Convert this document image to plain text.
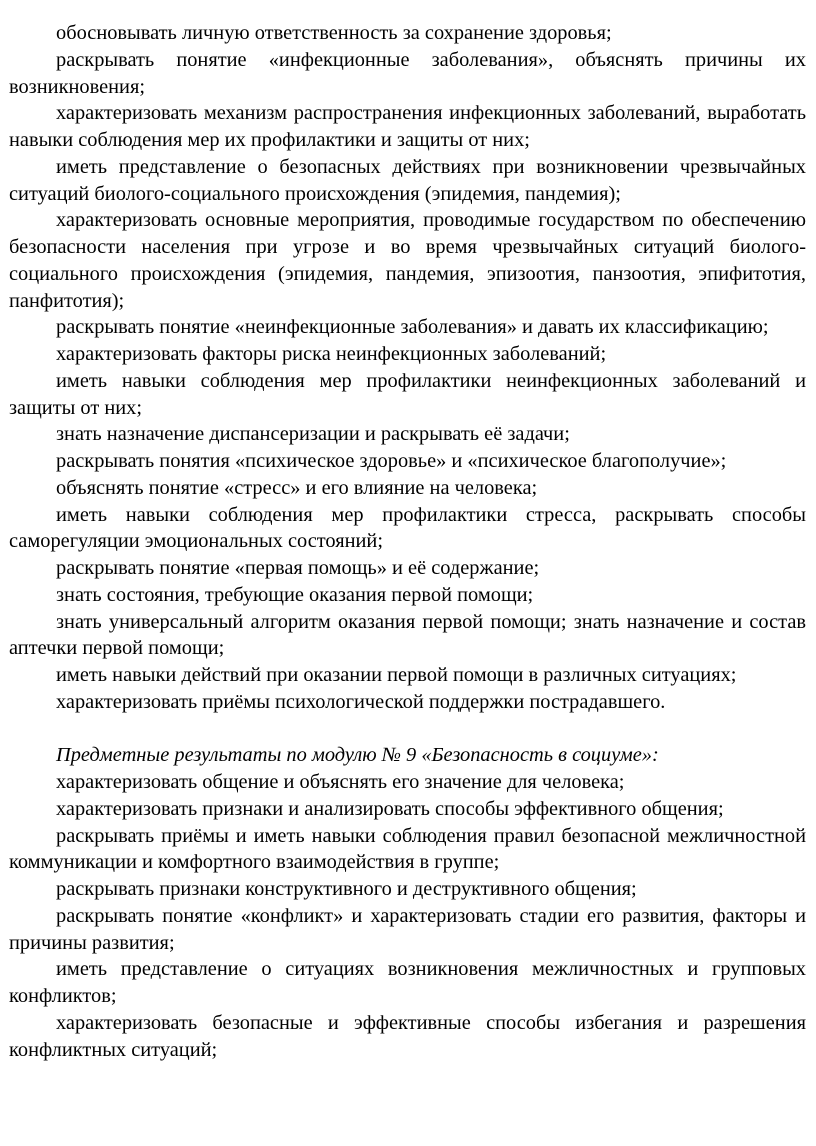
обосновывать личную ответственность за сохранение здоровья;

раскрывать понятие «инфекционные заболевания», объяснять причины их возникновения;

характеризовать механизм распространения инфекционных заболеваний, выработать навыки соблюдения мер их профилактики и защиты от них;

иметь представление о безопасных действиях при возникновении чрезвычайных ситуаций биолого-социального происхождения (эпидемия, пандемия);

характеризовать основные мероприятия, проводимые государством по обеспечению безопасности населения при угрозе и во время чрезвычайных ситуаций биолого-социального происхождения (эпидемия, пандемия, эпизоотия, панзоотия, эпифитотия, панфитотия);

раскрывать понятие «неинфекционные заболевания» и давать их классификацию;

характеризовать факторы риска неинфекционных заболеваний;

иметь навыки соблюдения мер профилактики неинфекционных заболеваний и защиты от них;

знать назначение диспансеризации и раскрывать её задачи;

раскрывать понятия «психическое здоровье» и «психическое благополучие»;

объяснять понятие «стресс» и его влияние на человека;

иметь навыки соблюдения мер профилактики стресса, раскрывать способы саморегуляции эмоциональных состояний;

раскрывать понятие «первая помощь» и её содержание;

знать состояния, требующие оказания первой помощи;

знать универсальный алгоритм оказания первой помощи; знать назначение и состав аптечки первой помощи;

иметь навыки действий при оказании первой помощи в различных ситуациях;

характеризовать приёмы психологической поддержки пострадавшего.

Предметные результаты по модулю № 9 «Безопасность в социуме»:

характеризовать общение и объяснять его значение для человека;

характеризовать признаки и анализировать способы эффективного общения;

раскрывать приёмы и иметь навыки соблюдения правил безопасной межличностной коммуникации и комфортного взаимодействия в группе;

раскрывать признаки конструктивного и деструктивного общения;

раскрывать понятие «конфликт» и характеризовать стадии его развития, факторы и причины развития;

иметь представление о ситуациях возникновения межличностных и групповых конфликтов;

характеризовать безопасные и эффективные способы избегания и разрешения конфликтных ситуаций;
